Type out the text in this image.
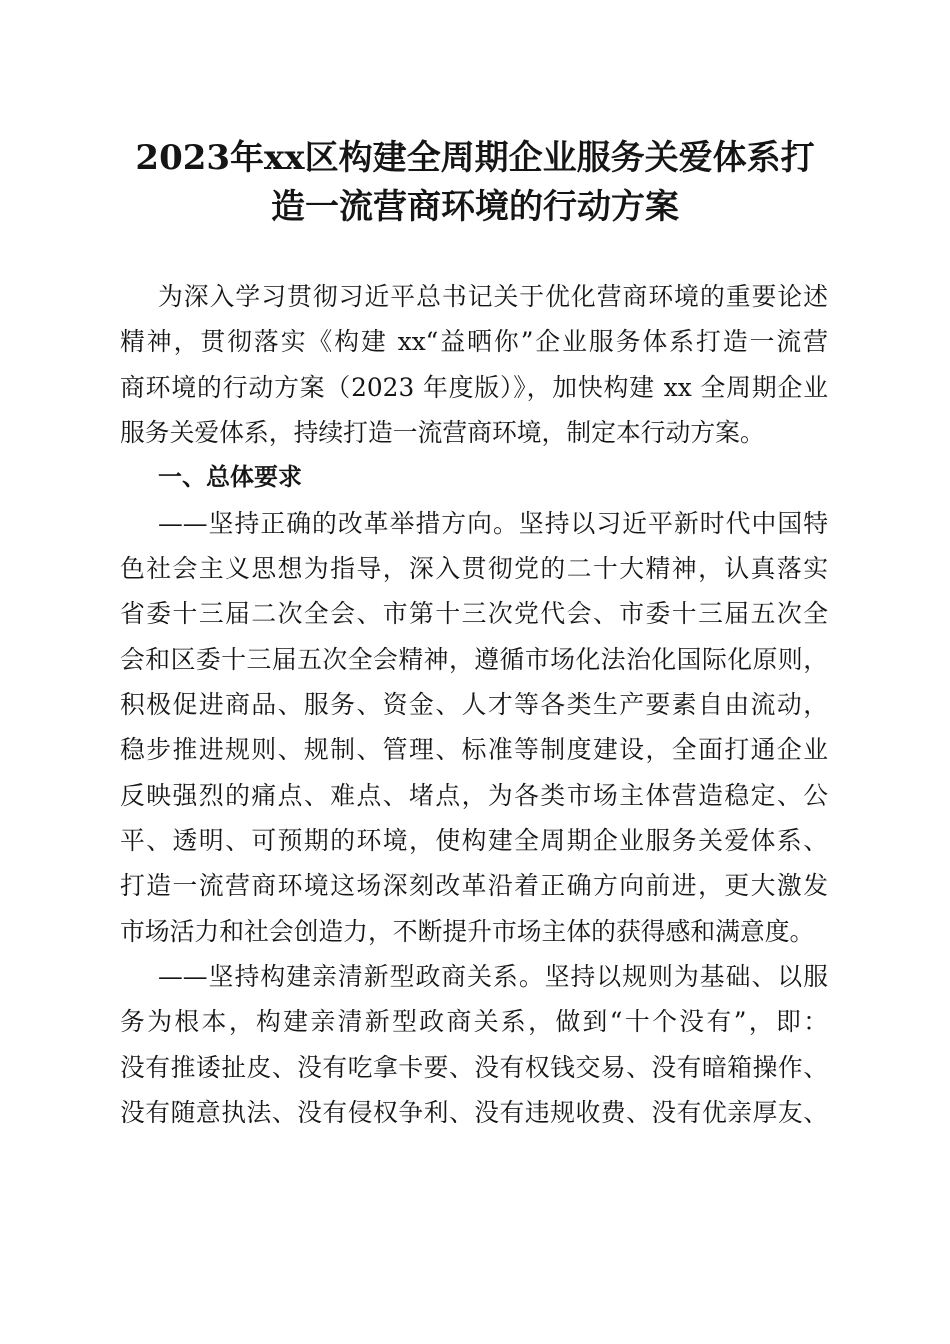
2023年xx区构建全周期企业服务关爱体系打
造一流营商环境的行动方案
为深入学习贯彻习近平总书记关于优化营商环境的重要论述
精神，贯彻落实《构建 xx“益晒你”企业服务体系打造一流营
商环境的行动方案（2023 年度版）》，加快构建 xx 全周期企业
服务关爱体系，持续打造一流营商环境，制定本行动方案。
一、总体要求
——坚持正确的改革举措方向。坚持以习近平新时代中国特
色社会主义思想为指导，深入贯彻党的二十大精神，认真落实
省委十三届二次全会、市第十三次党代会、市委十三届五次全
会和区委十三届五次全会精神，遵循市场化法治化国际化原则，
积极促进商品、服务、资金、人才等各类生产要素自由流动，
稳步推进规则、规制、管理、标准等制度建设，全面打通企业
反映强烈的痛点、难点、堵点，为各类市场主体营造稳定、公
平、透明、可预期的环境，使构建全周期企业服务关爱体系、
打造一流营商环境这场深刻改革沿着正确方向前进，更大激发
市场活力和社会创造力，不断提升市场主体的获得感和满意度。
——坚持构建亲清新型政商关系。坚持以规则为基础、以服
务为根本，构建亲清新型政商关系，做到“十个没有”，即：
没有推诿扯皮、没有吃拿卡要、没有权钱交易、没有暗箱操作、
没有随意执法、没有侵权争利、没有违规收费、没有优亲厚友、
